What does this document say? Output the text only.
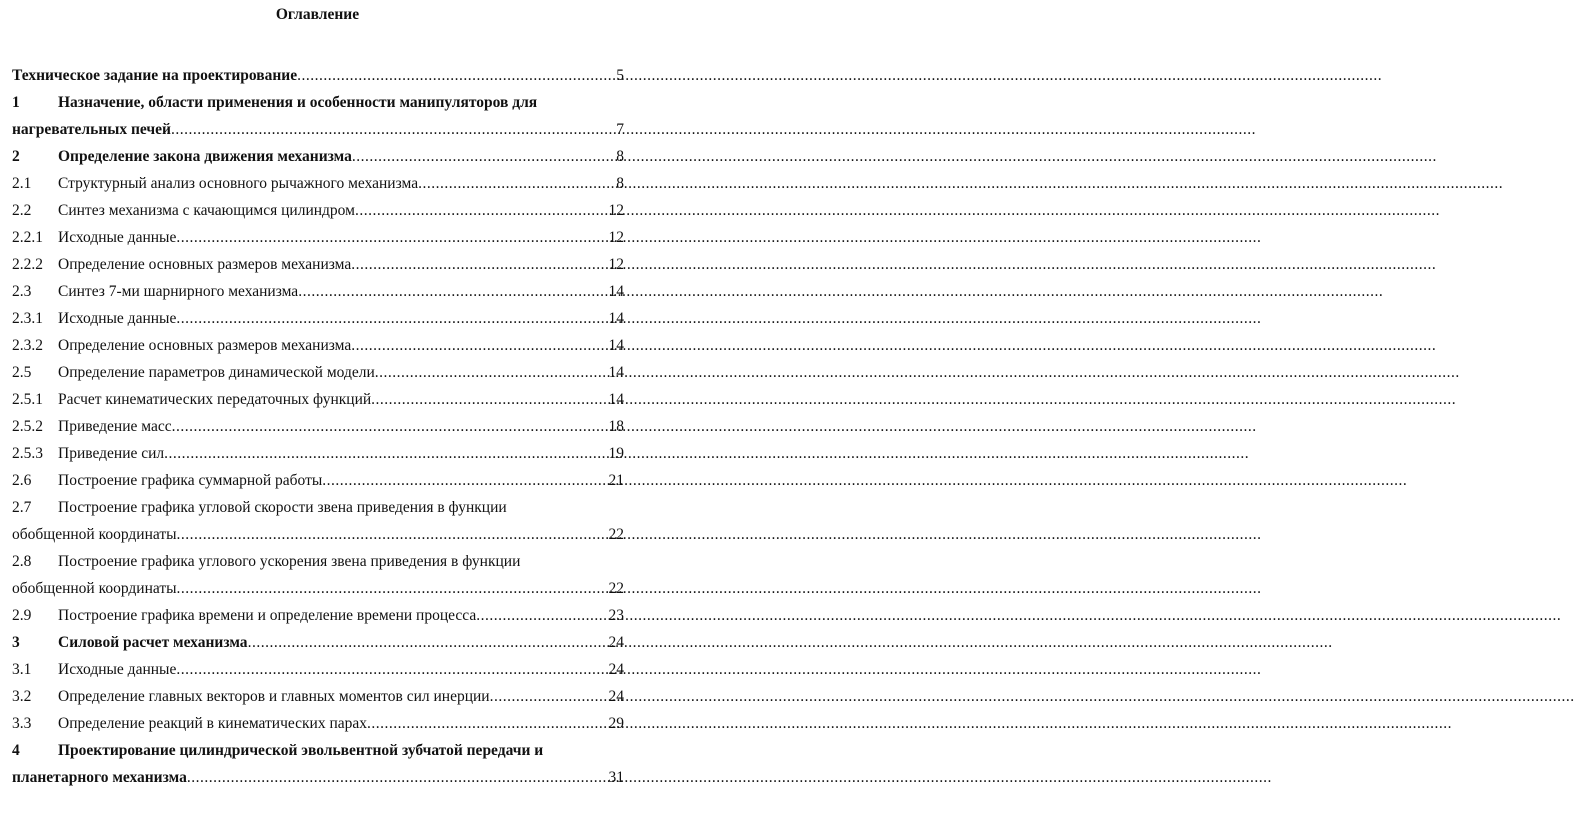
Оглавление
Техническое задание на проектирование .....	5
1	Назначение, области применения и особенности манипуляторов для
нагревательных печей .....	7
2	Определение закона движения механизма .....	8
2.1	Структурный анализ основного рычажного механизма .....	8
2.2	Синтез механизма с качающимся цилиндром .....	12
2.2.1 Исходные данные .....	12
2.2.2 Определение основных размеров механизма .....	12
2.3	Синтез 7-ми шарнирного механизма .....	14
2.3.1 Исходные данные .....	14
2.3.2 Определение основных размеров механизма .....	14
2.5	Определение параметров динамической модели .....	14
2.5.1 Расчет кинематических передаточных функций .....	14
2.5.2 Приведение масс .....	18
2.5.3 Приведение сил .....	19
2.6	Построение графика суммарной работы .....	21
2.7	Построение графика угловой скорости звена приведения в функции
обобщенной координаты .....	22
2.8	Построение графика углового ускорения звена приведения в функции
обобщенной координаты .....	22
2.9	Построение графика времени и определение времени процесса .....	23
3	Силовой расчет механизма .....	24
3.1	Исходные данные .....	24
3.2	Определение главных векторов и главных моментов сил инерции .....	24
3.3	Определение реакций в кинематических парах .....	29
4	Проектирование цилиндрической эвольвентной зубчатой передачи и
планетарного механизма .....	31
